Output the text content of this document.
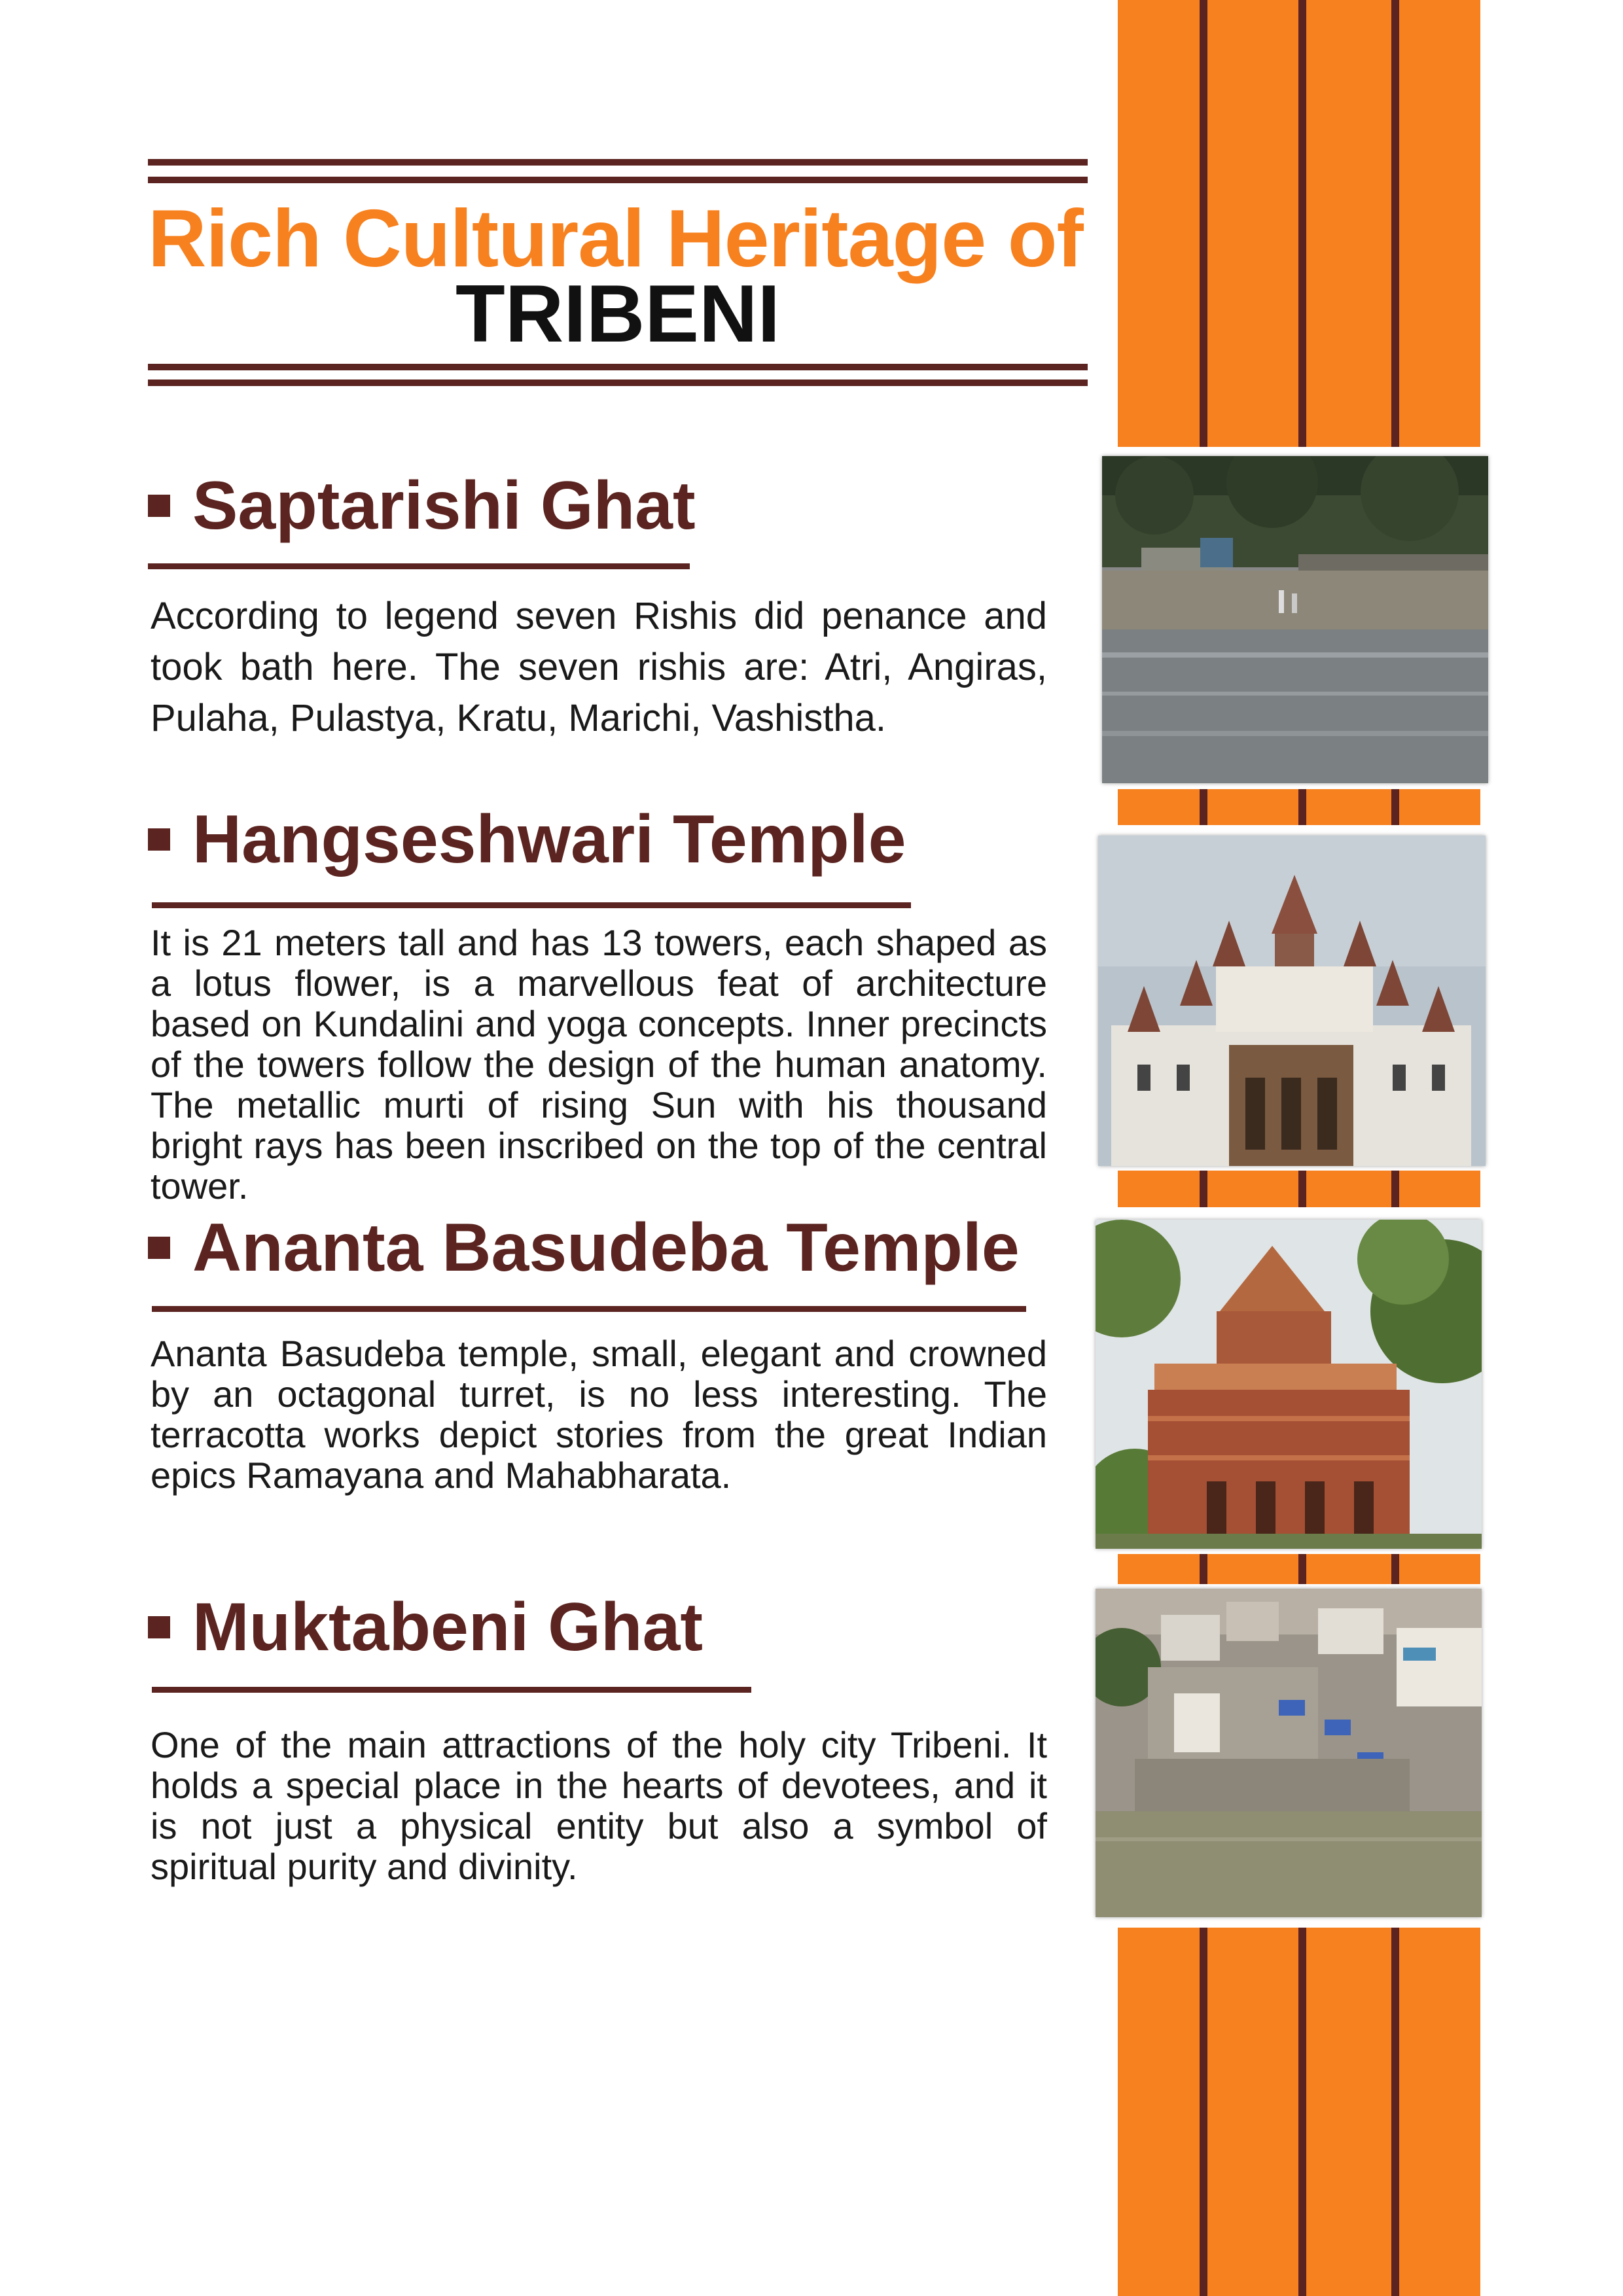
Rich Cultural Heritage of
TRIBENI
Saptarishi Ghat
According to legend seven Rishis did penance and took bath here. The seven rishis are: Atri, Angiras, Pulaha, Pulastya, Kratu, Marichi, Vashistha.
Hangseshwari Temple
It is 21 meters tall and has 13 towers, each shaped as a lotus flower, is a marvellous feat of architecture based on Kundalini and yoga concepts. Inner precincts of the towers follow the design of the human anatomy. The metallic murti of rising Sun with his thousand bright rays has been inscribed on the top of the central tower.
Ananta Basudeba Temple
Ananta Basudeba temple, small, elegant and crowned by an octagonal turret, is no less interesting. The terracotta works depict stories from the great Indian epics Ramayana and Mahabharata.
Muktabeni Ghat
One of the main attractions of the holy city Tribeni. It holds a special place in the hearts of devotees, and it is not just a physical entity but also a symbol of spiritual purity and divinity.
